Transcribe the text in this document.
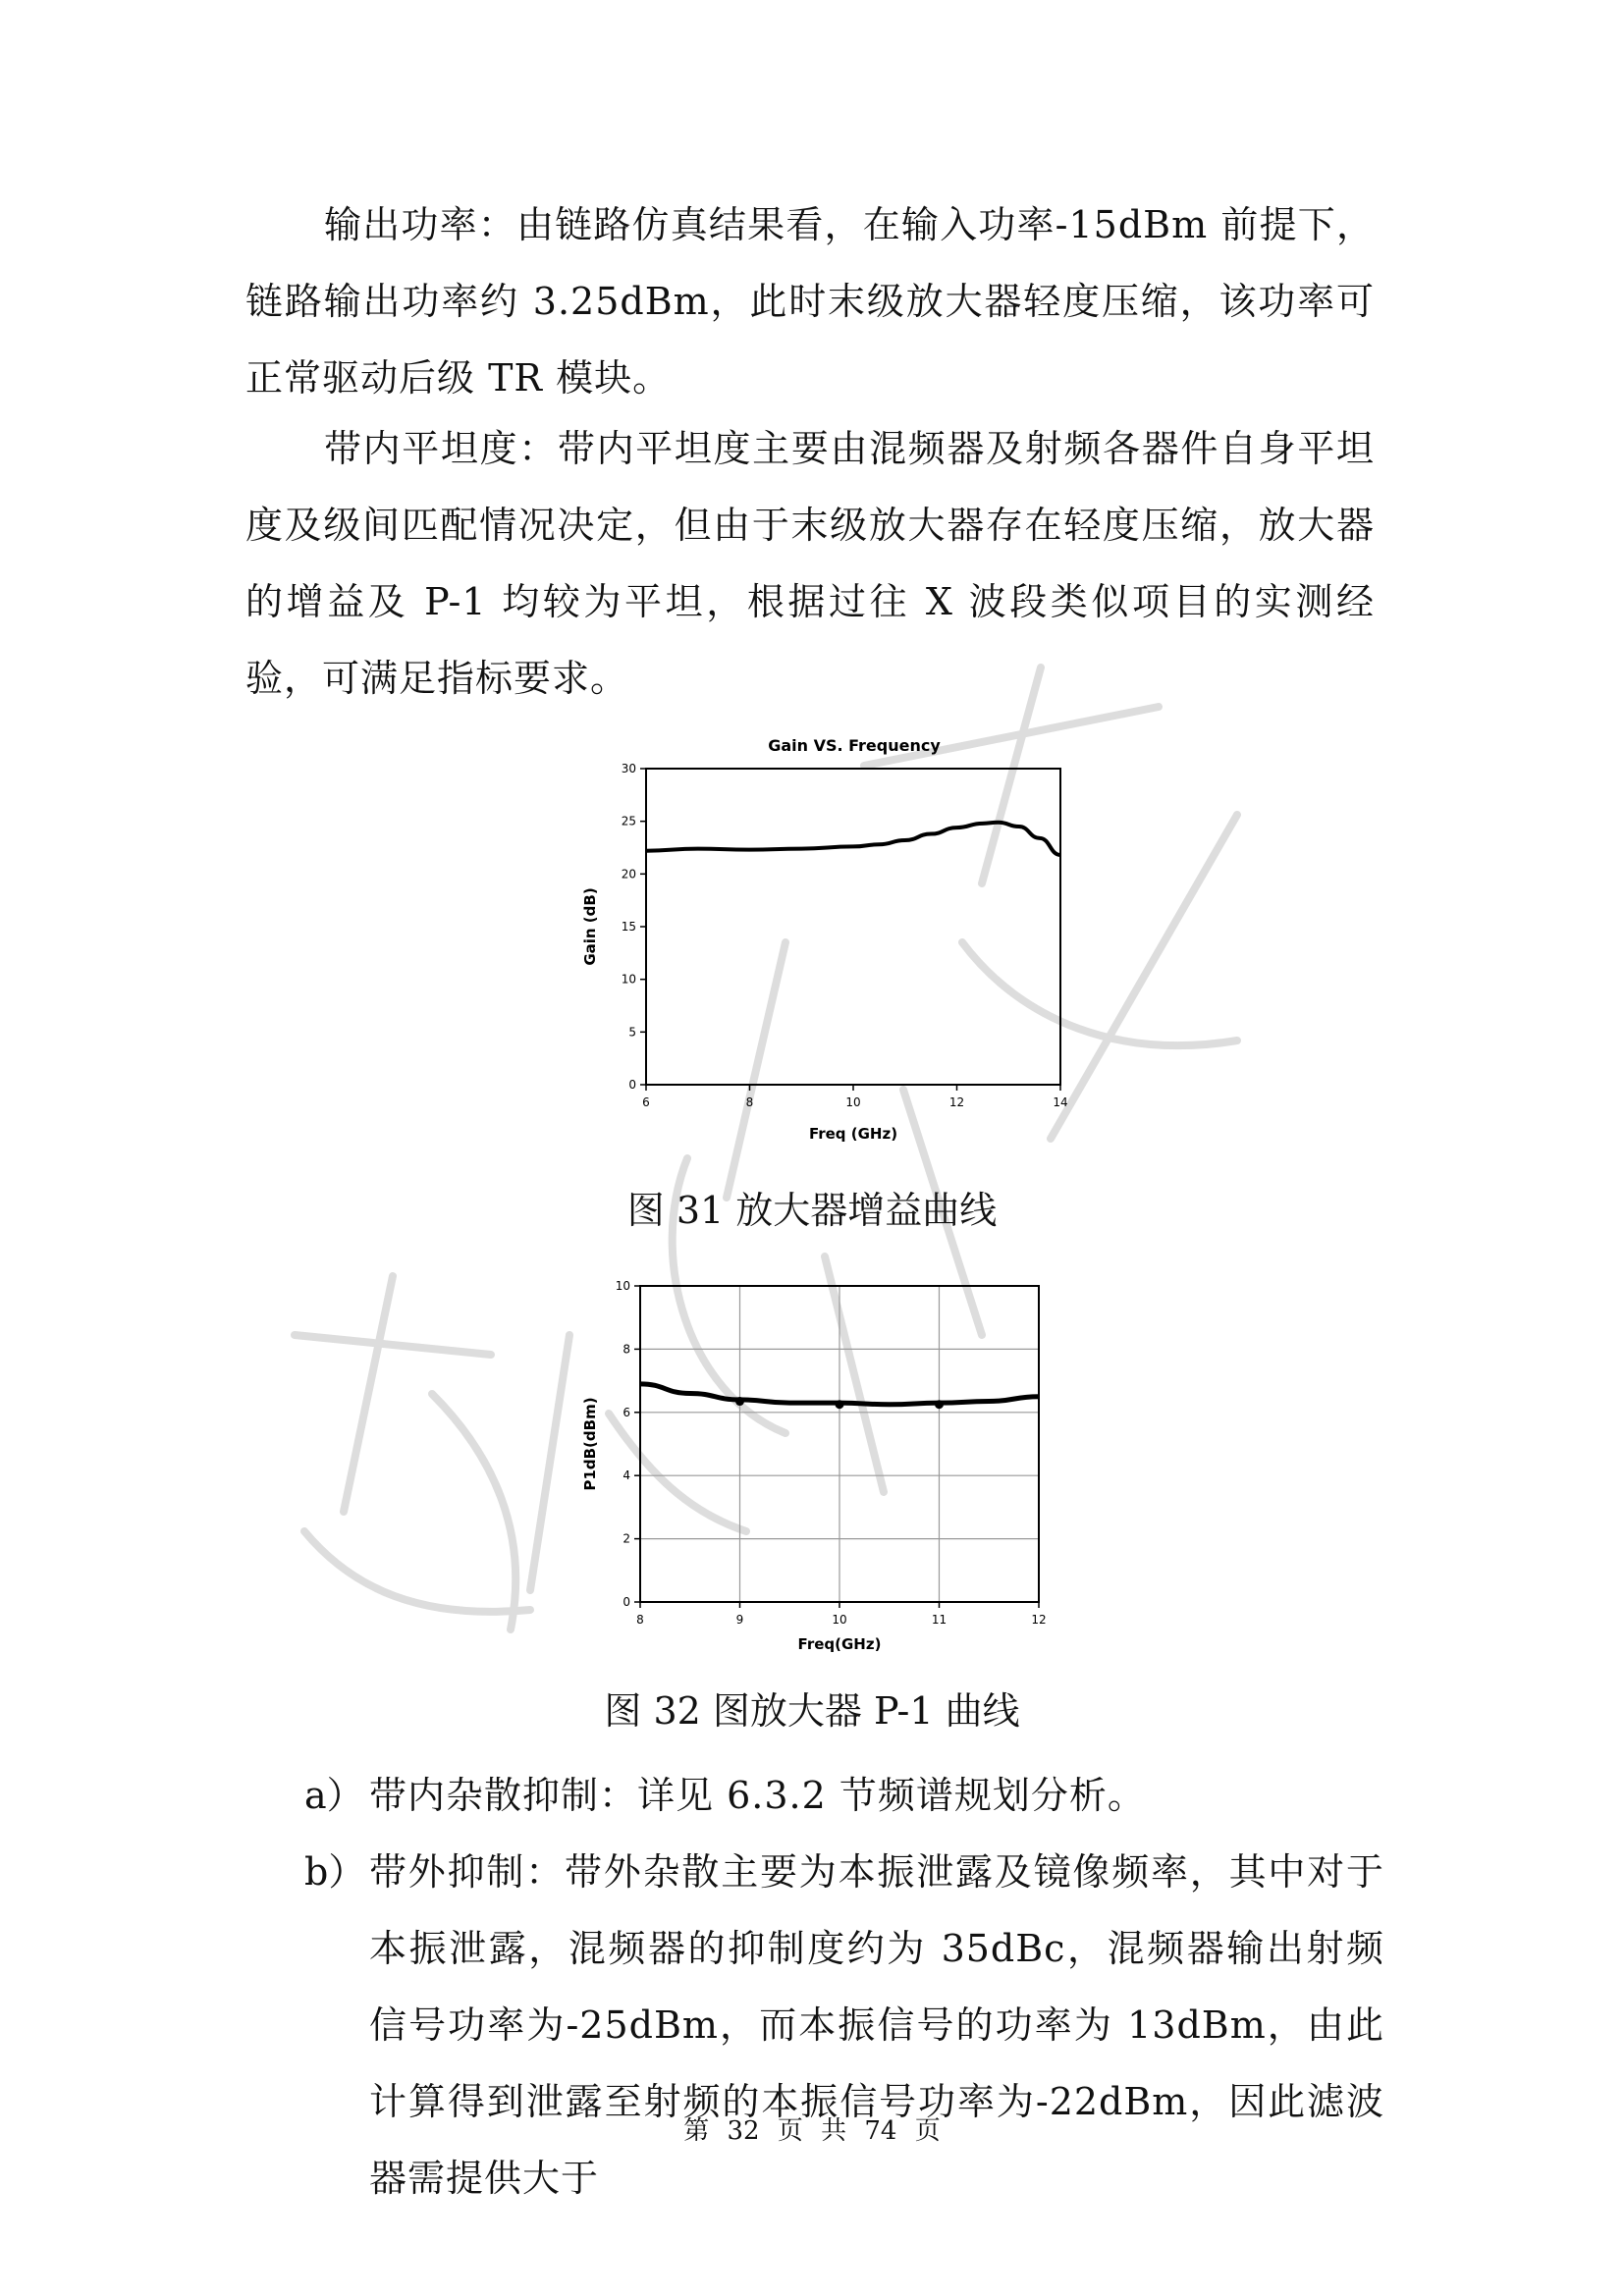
输出功率：由链路仿真结果看，在输入功率-15dBm 前提下，链路输出功率约 3.25dBm，此时末级放大器轻度压缩，该功率可正常驱动后级 TR 模块。

带内平坦度：带内平坦度主要由混频器及射频各器件自身平坦度及级间匹配情况决定，但由于末级放大器存在轻度压缩，放大器的增益及 P-1 均较为平坦，根据过往 X 波段类似项目的实测经验，可满足指标要求。

Gain VS. Frequency
6	8	10	12	14
0
5
10
15
20
25
30
Freq (GHz)
Gain (dB)
图 31 放大器增益曲线
8	9	10	11	12
0
2
4
6
8
10
Freq(GHz)
P1dB(dBm)
图 32 图放大器 P-1 曲线
a） 带内杂散抑制：详见 6.3.2 节频谱规划分析。
b） 带外抑制：带外杂散主要为本振泄露及镜像频率，其中对于本振泄露，混频器的抑制度约为 35dBc，混频器输出射频信号功率为-25dBm，而本振信号的功率为 13dBm，由此计算得到泄露至射频的本振信号功率为-22dBm，因此滤波器需提供大于
第 32 页 共 74 页
